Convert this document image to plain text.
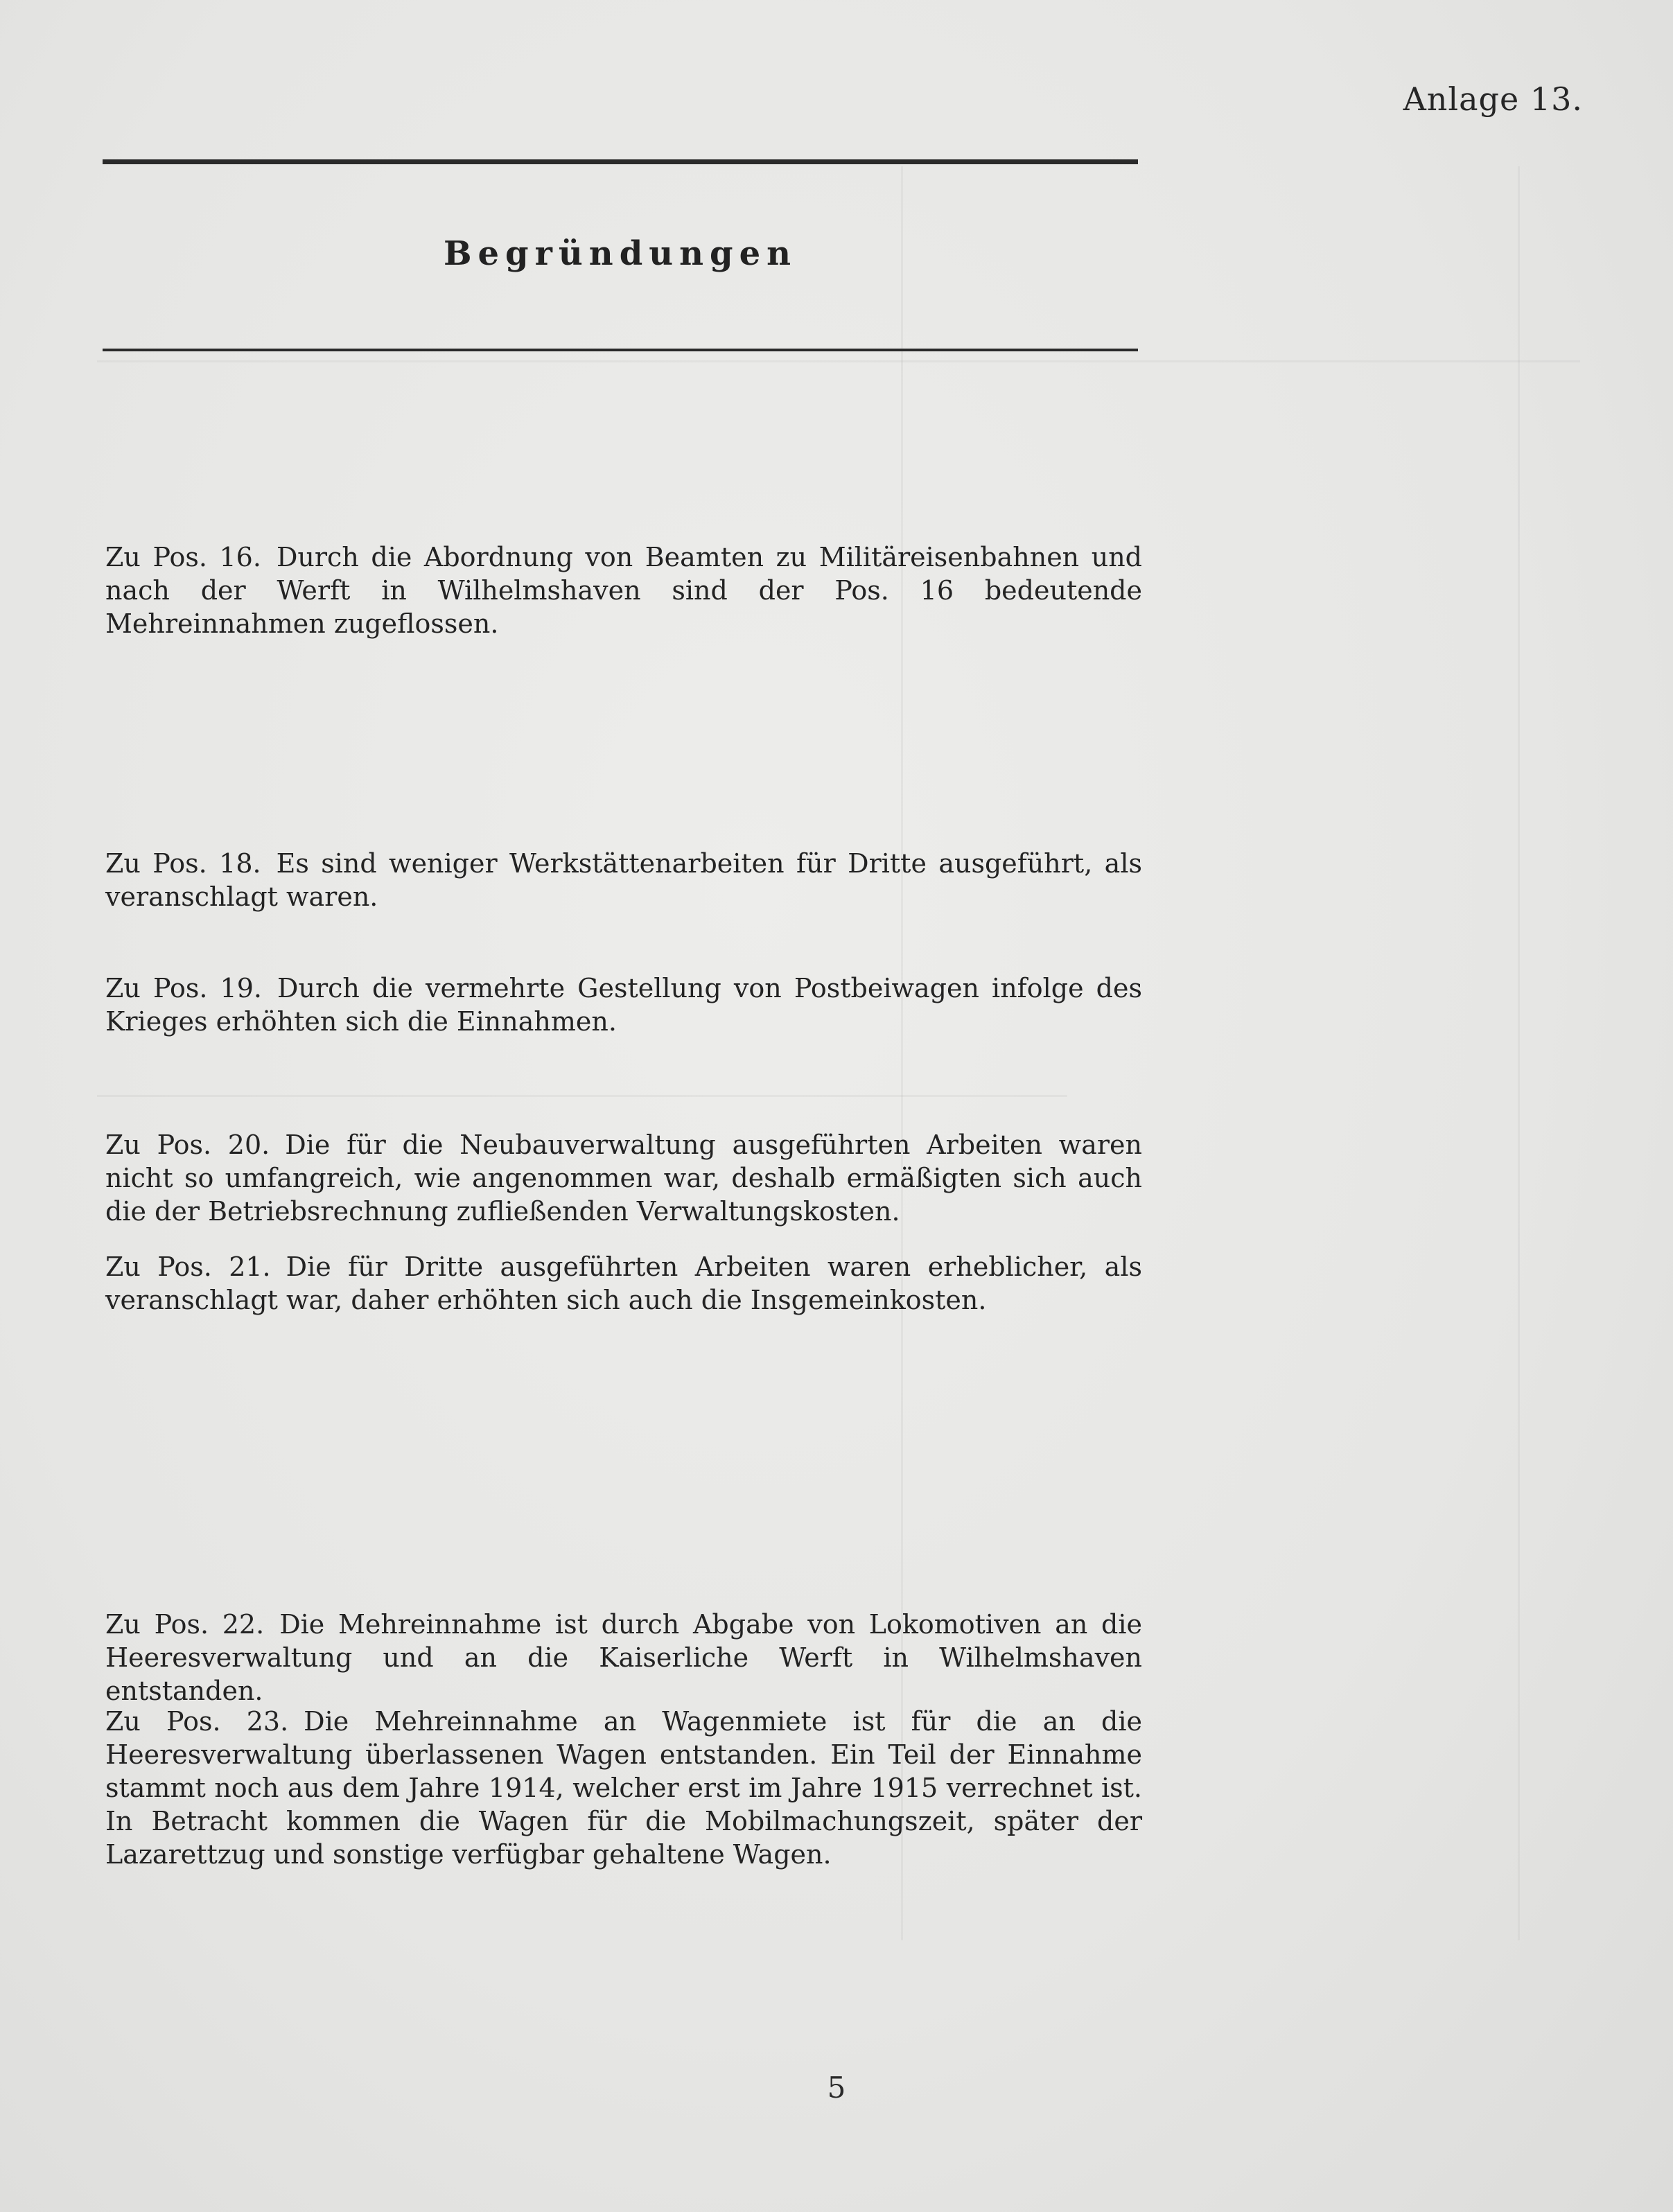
Anlage 13.
Begründungen
Zu Pos. 16. Durch die Abordnung von Beamten zu Militäreisenbahnen und nach der Werft in Wilhelmshaven sind der Pos. 16 bedeutende Mehreinnahmen zugeflossen.
Zu Pos. 18. Es sind weniger Werkstättenarbeiten für Dritte ausgeführt, als veranschlagt waren.
Zu Pos. 19. Durch die vermehrte Gestellung von Postbeiwagen infolge des Krieges erhöhten sich die Einnahmen.
Zu Pos. 20. Die für die Neubauverwaltung ausgeführten Arbeiten waren nicht so umfangreich, wie angenommen war, deshalb ermäßigten sich auch die der Betriebsrechnung zufließenden Verwaltungskosten.
Zu Pos. 21. Die für Dritte ausgeführten Arbeiten waren erheblicher, als veranschlagt war, daher erhöhten sich auch die Insgemeinkosten.
Zu Pos. 22. Die Mehreinnahme ist durch Abgabe von Lokomotiven an die Heeresverwaltung und an die Kaiserliche Werft in Wilhelmshaven entstanden.
Zu Pos. 23. Die Mehreinnahme an Wagenmiete ist für die an die Heeresverwaltung überlassenen Wagen entstanden. Ein Teil der Einnahme stammt noch aus dem Jahre 1914, welcher erst im Jahre 1915 verrechnet ist. In Betracht kommen die Wagen für die Mobilmachungszeit, später der Lazarettzug und sonstige verfügbar gehaltene Wagen.
5
